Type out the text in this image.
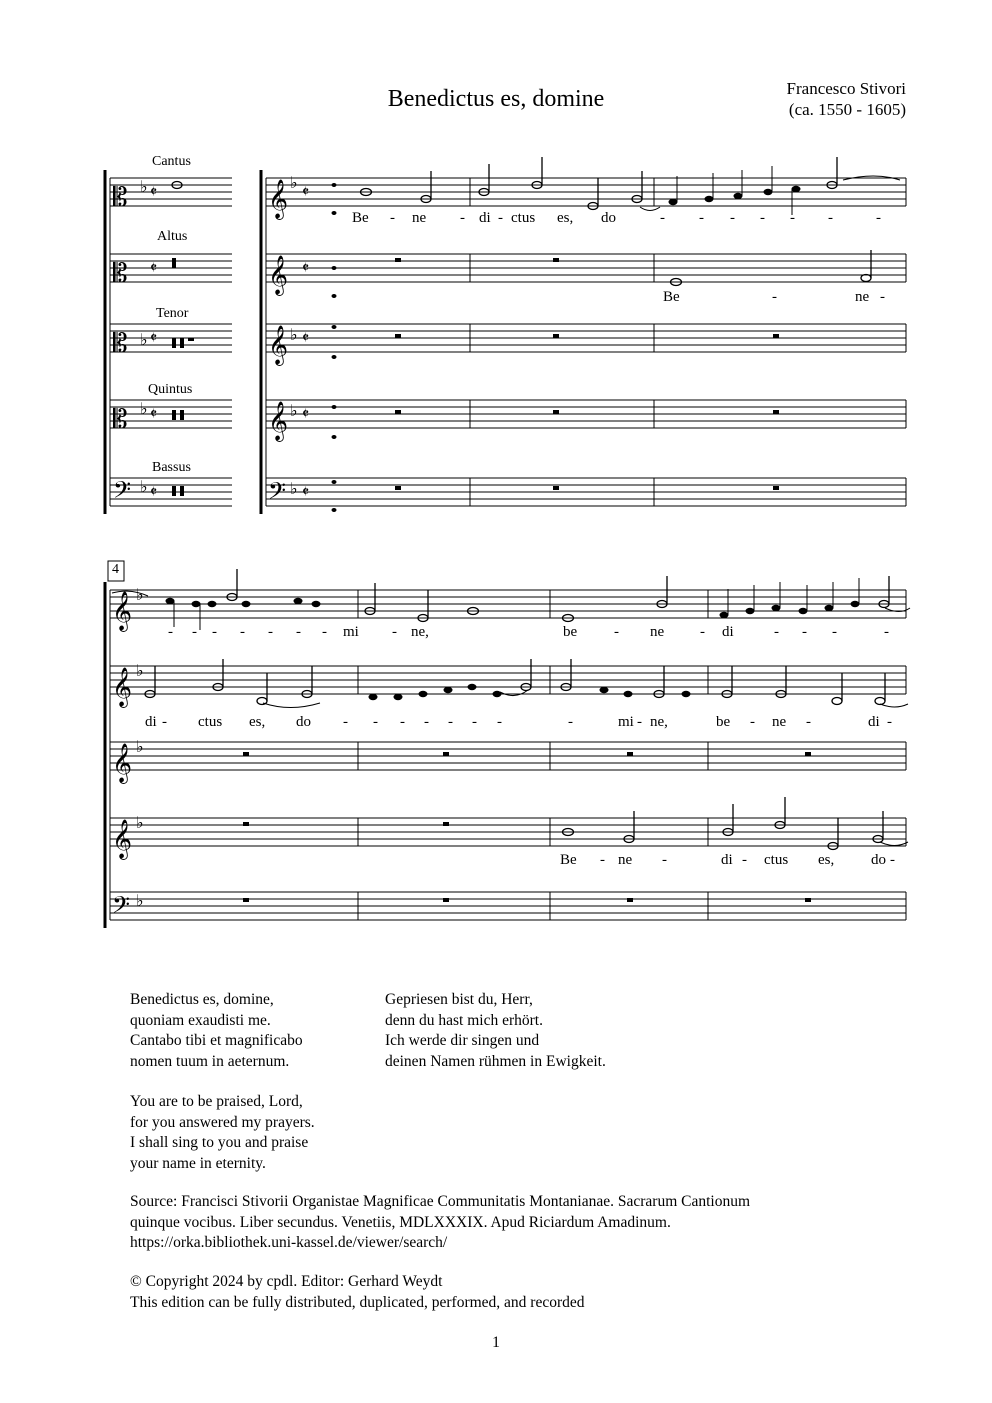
Benedictus es, domine	Francesco Stivori
(ca. 1550 - 1605)
Cantus
Altus
Tenor
Quintus
Bassus
4
𝄡
𝄡
𝄡
𝄡
𝄢
𝄞
𝄞
𝄞
𝄞
𝄢
♭
♭
♭
♭
♭
♭
♭
♭
𝄵
𝄵
𝄵
𝄵
𝄵
𝄵
𝄵
𝄵
𝄵
𝄵
𝄞
𝄞
𝄞
𝄞
𝄢
♭
♭
♭
♭
♭
Be - ne - di - ctus es, do	- - - - - -	-
Be	-	ne -
- - - - - - - mi - ne,	be - ne - di	- - -	-
di - ctus es, do - - - - - - -	-	mi - ne,	be - ne -	di -
Be - ne -	di - ctus es, do -
Benedictus es, domine,
quoniam exaudisti me.
Cantabo tibi et magnificabo
nomen tuum in aeternum.
Gepriesen bist du, Herr,
denn du hast mich erhört.
Ich werde dir singen und
deinen Namen rühmen in Ewigkeit.
You are to be praised, Lord,
for you answered my prayers.
I shall sing to you and praise
your name in eternity.
Source: Francisci Stivorii Organistae Magnificae Communitatis Montanianae. Sacrarum Cantionum
quinque vocibus. Liber secundus. Venetiis, MDLXXXIX. Apud Riciardum Amadinum.
https://orka.bibliothek.uni-kassel.de/viewer/search/
© Copyright 2024 by cpdl. Editor: Gerhard Weydt
This edition can be fully distributed, duplicated, performed, and recorded
1
